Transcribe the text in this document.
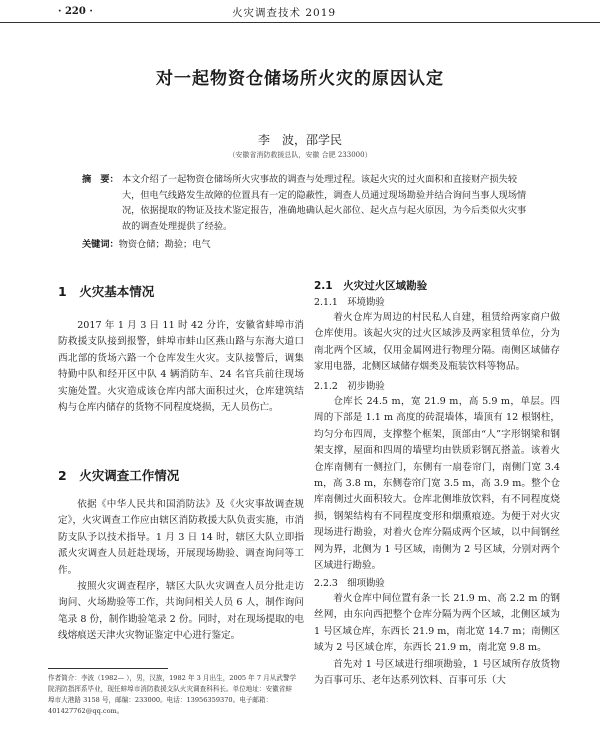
· 220 ·	火灾调查技术 2019
对一起物资仓储场所火灾的原因认定
李　波，邵学民
（安徽省消防救援总队，安徽 合肥 233000）
摘　要： 本文介绍了一起物资仓储场所火灾事故的调查与处理过程。该起火灾的过火面积和直接财产损失较大，但电气线路发生故障的位置具有一定的隐蔽性，调查人员通过现场勘验并结合询问当事人现场情况，依据提取的物证及技术鉴定报告，准确地确认起火部位、起火点与起火原因，为今后类似火灾事故的调查处理提供了经验。

关键词：物资仓储；勘验；电气
1　火灾基本情况

2017 年 1 月 3 日 11 时 42 分许，安徽省蚌埠市消防救援支队接到报警，蚌埠市蚌山区燕山路与东海大道口西北部的货场六路一个仓库发生火灾。支队接警后，调集特勤中队和经开区中队 4 辆消防车、24 名官兵前往现场实施处置。火灾造成该仓库内部大面积过火，仓库建筑结构与仓库内储存的货物不同程度烧损，无人员伤亡。

2　火灾调查工作情况

依据《中华人民共和国消防法》及《火灾事故调查规定》，火灾调查工作应由辖区消防救援大队负责实施，市消防支队予以技术指导。1 月 3 日 14 时，辖区大队立即指派火灾调查人员赶赴现场，开展现场勘验、调查询问等工作。

按照火灾调查程序，辖区大队火灾调查人员分批走访询问、火场勘验等工作，共询问相关人员 6 人，制作询问笔录 8 份，制作勘验笔录 2 份。同时，对在现场提取的电线熔痕送天津火灾物证鉴定中心进行鉴定。

作者简介：李波（1982— ），男，汉族，1982 年 3 月出生，2005 年 7 月从武警学院消防指挥系毕业，现任蚌埠市消防救援支队火灾调查科科长。单位地址：安徽省蚌埠市大港路 3158 号，邮编：233000。电话：13956359370。电子邮箱：401427762@qq.com。
2.1　火灾过火区域勘验
2.1.1　环境勘验

着火仓库为周边的村民私人自建，租赁给两家商户做仓库使用。该起火灾的过火区域涉及两家租赁单位，分为南北两个区域，仅用金属网进行物理分隔。南侧区域储存家用电器，北侧区域储存烟类及瓶装饮料等物品。

2.1.2　初步勘验

仓库长 24.5 m，宽 21.9 m，高 5.9 m，单层。四周的下部是 1.1 m 高度的砖混墙体，墙顶有 12 根钢柱，均匀分布四周，支撑整个框架，顶部由“人”字形钢梁和钢架支撑，屋面和四周的墙壁均由铁质彩钢瓦搭盖。该着火仓库南侧有一侧拉门，东侧有一扇卷帘门，南侧门宽 3.4 m，高 3.8 m，东侧卷帘门宽 3.5 m，高 3.9 m。整个仓库南侧过火面积较大。仓库北侧堆放饮料，有不同程度烧损，钢架结构有不同程度变形和烟熏痕迹。为便于对火灾现场进行勘验，对着火仓库分隔成两个区域，以中间钢丝网为界，北侧为 1 号区域，南侧为 2 号区域，分别对两个区域进行勘验。

2.2.3　细项勘验

着火仓库中间位置有条一长 21.9 m、高 2.2 m 的钢丝网，由东向西把整个仓库分隔为两个区域，北侧区域为 1 号区域仓库，东西长 21.9 m，南北宽 14.7 m；南侧区域为 2 号区域仓库，东西长 21.9 m，南北宽 9.8 m。

首先对 1 号区域进行细项勘验，1 号区域所存放货物为百事可乐、老年达系列饮料、百事可乐（大
